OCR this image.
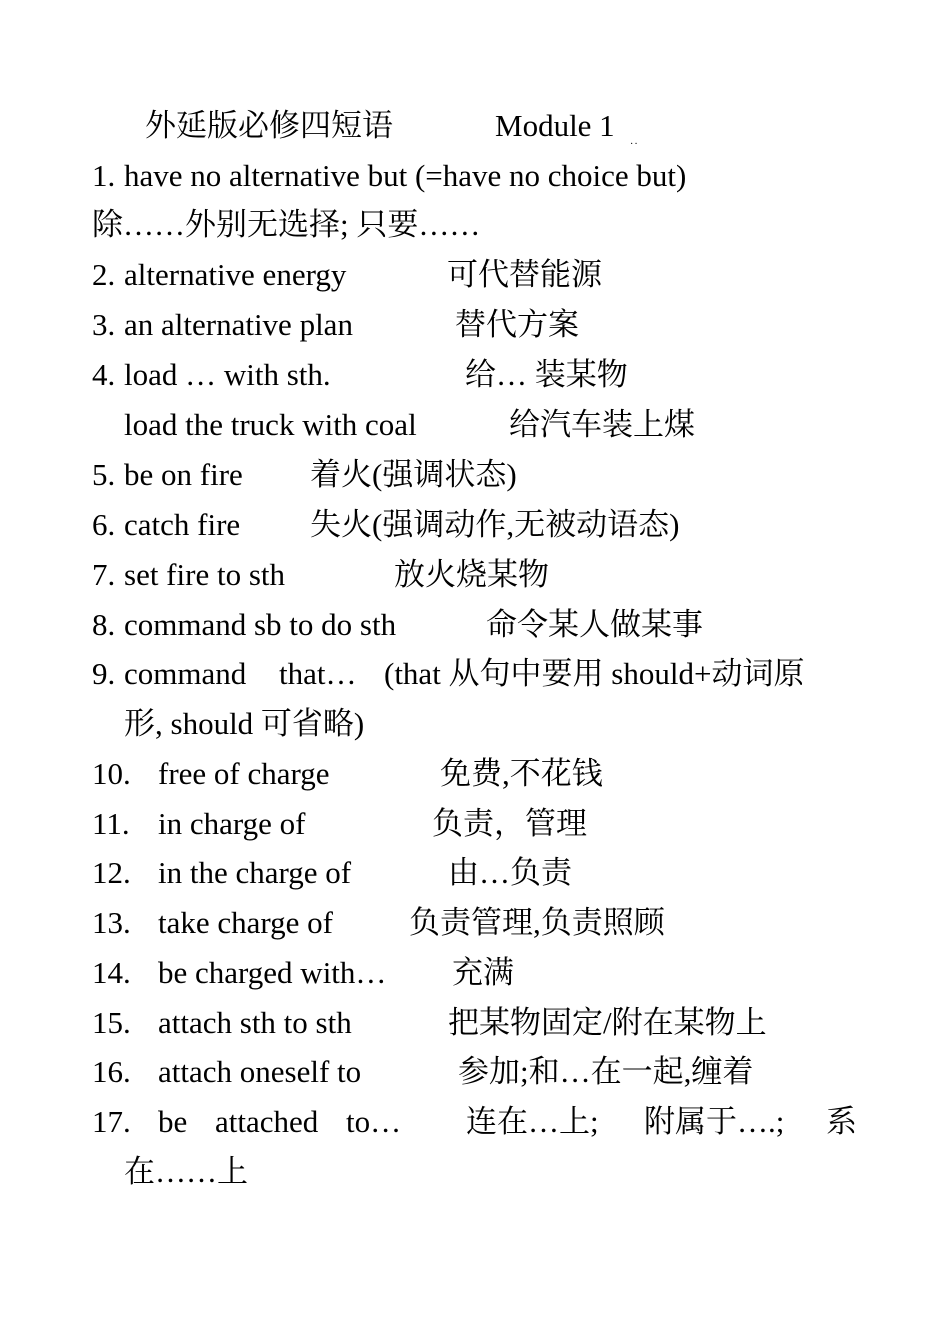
外延版必修四短语	Module 1
··
1. have no alternative but (=have no choice but)
除……外别无选择; 只要……
2. alternative energy	可代替能源
3. an alternative plan	替代方案
4. load … with sth.	给… 装某物
load the truck with coal	给汽车装上煤
5. be on fire 着火(强调状态)
6. catch fire 失火(强调动作,无被动语态)
7. set fire to sth	放火烧某物
8. command sb to do sth	命令某人做某事
9. command that… (that 从句中要用 should+动词原
形, should 可省略)
10. free of charge	免费,不花钱
11. in charge of	负责，管理
12. in the charge of	由…负责
13. take charge of 负责管理,负责照顾
14. be charged with… 充满
15. attach sth to sth	把某物固定/附在某物上
16. attach oneself to	参加;和…在一起,缠着
17. be attached to… 连在…上; 附属于….; 系
在……上
